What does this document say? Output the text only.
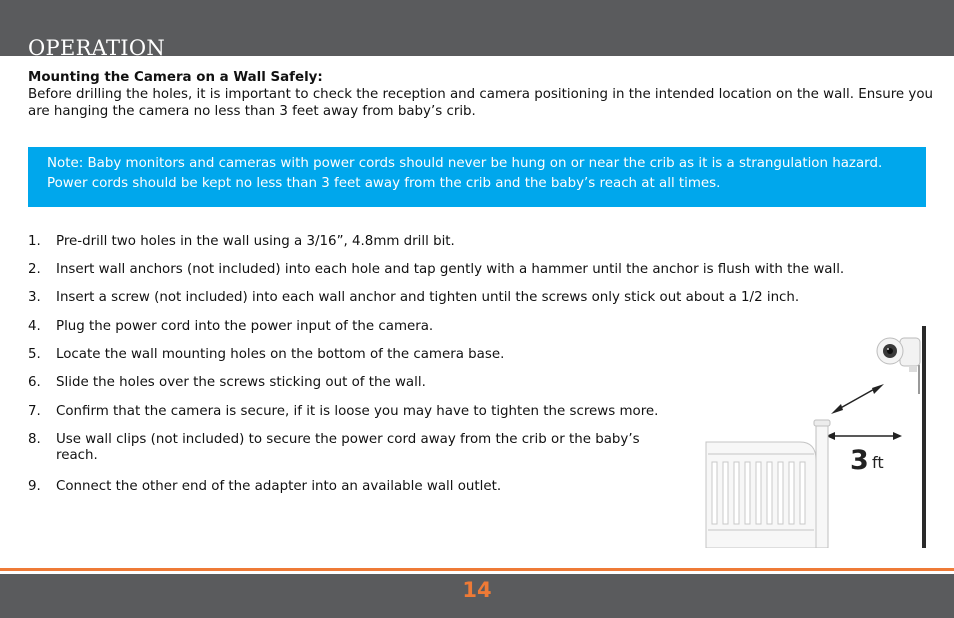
OPERATION
Mounting the Camera on a Wall Safely:
Before drilling the holes, it is important to check the reception and camera positioning in the intended location on the wall. Ensure you are hanging the camera no less than 3 feet away from baby’s crib.
Note: Baby monitors and cameras with power cords should never be hung on or near the crib as it is a strangulation hazard. Power cords should be kept no less than 3 feet away from the crib and the baby’s reach at all times.
1. Pre-drill two holes in the wall using a 3/16”, 4.8mm drill bit.
2. Insert wall anchors (not included) into each hole and tap gently with a hammer until the anchor is flush with the wall.
3. Insert a screw (not included) into each wall anchor and tighten until the screws only stick out about a 1/2 inch.
4. Plug the power cord into the power input of the camera.
5. Locate the wall mounting holes on the bottom of the camera base.
6. Slide the holes over the screws sticking out of the wall.
7. Confirm that the camera is secure, if it is loose you may have to tighten the screws more.
8. Use wall clips (not included) to secure the power cord away from the crib or the baby’s reach.
9. Connect the other end of the adapter into an available wall outlet.
3 ft
14
